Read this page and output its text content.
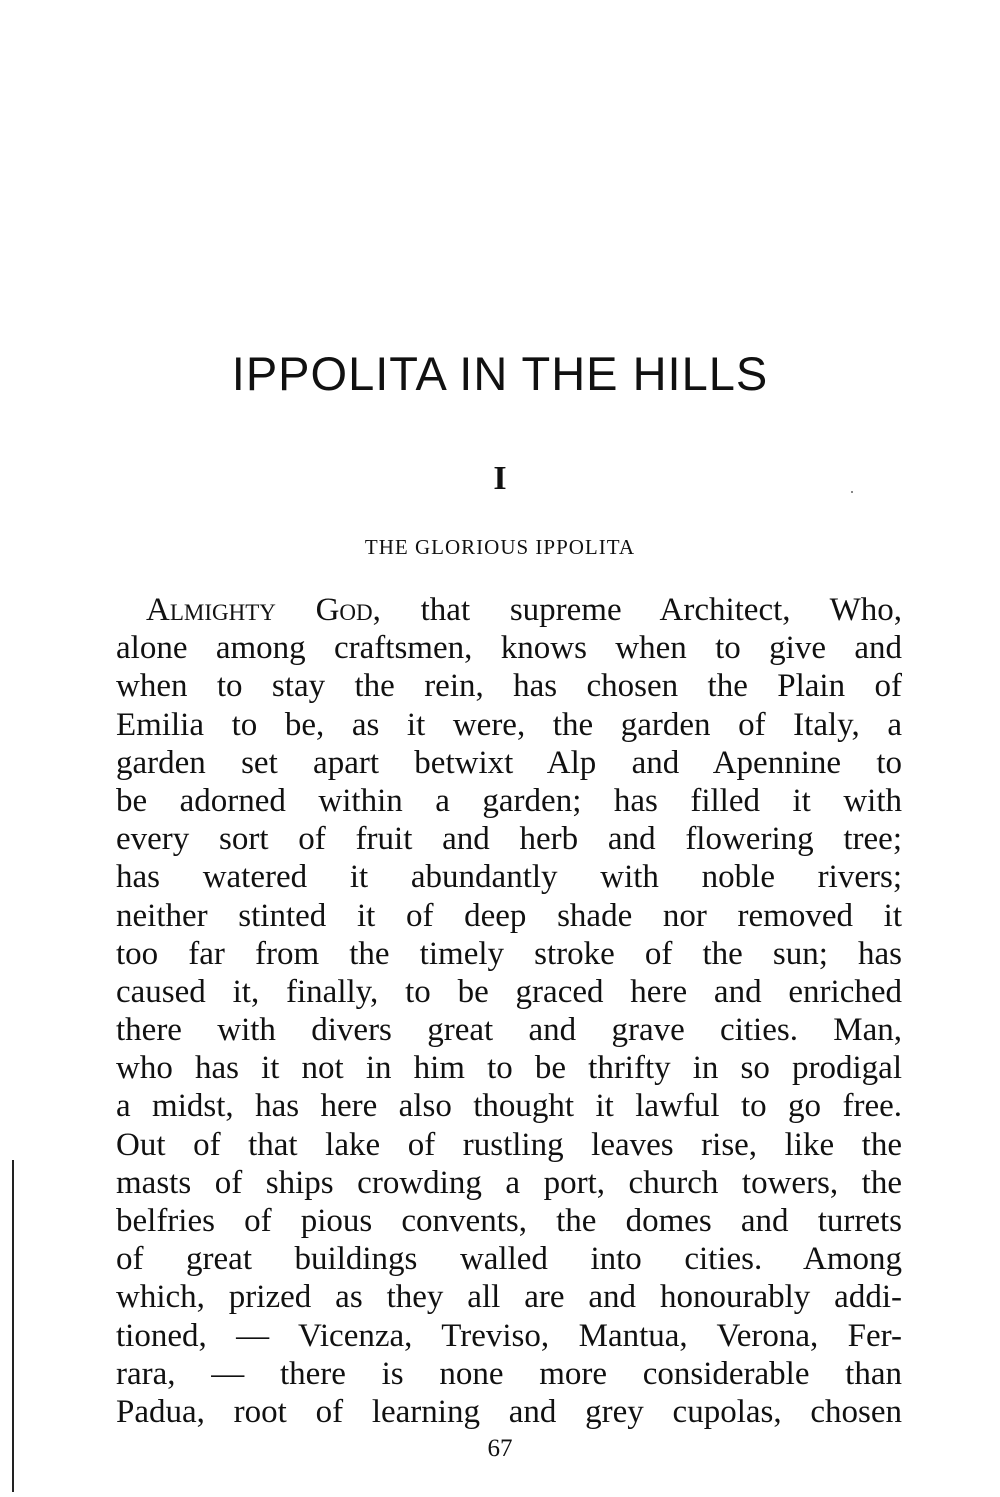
IPPOLITA IN THE HILLS
I
THE GLORIOUS IPPOLITA
Almighty God, that supreme Architect, Who,
alone among craftsmen, knows when to give and
when to stay the rein, has chosen the Plain of
Emilia to be, as it were, the garden of Italy, a
garden set apart betwixt Alp and Apennine to
be adorned within a garden; has filled it with
every sort of fruit and herb and flowering tree;
has watered it abundantly with noble rivers;
neither stinted it of deep shade nor removed it
too far from the timely stroke of the sun; has
caused it, finally, to be graced here and enriched
there with divers great and grave cities. Man,
who has it not in him to be thrifty in so prodigal
a midst, has here also thought it lawful to go free.
Out of that lake of rustling leaves rise, like the
masts of ships crowding a port, church towers, the
belfries of pious convents, the domes and turrets
of great buildings walled into cities. Among
which, prized as they all are and honourably addi-
tioned, — Vicenza, Treviso, Mantua, Verona, Fer-
rara, — there is none more considerable than
Padua, root of learning and grey cupolas, chosen
67
